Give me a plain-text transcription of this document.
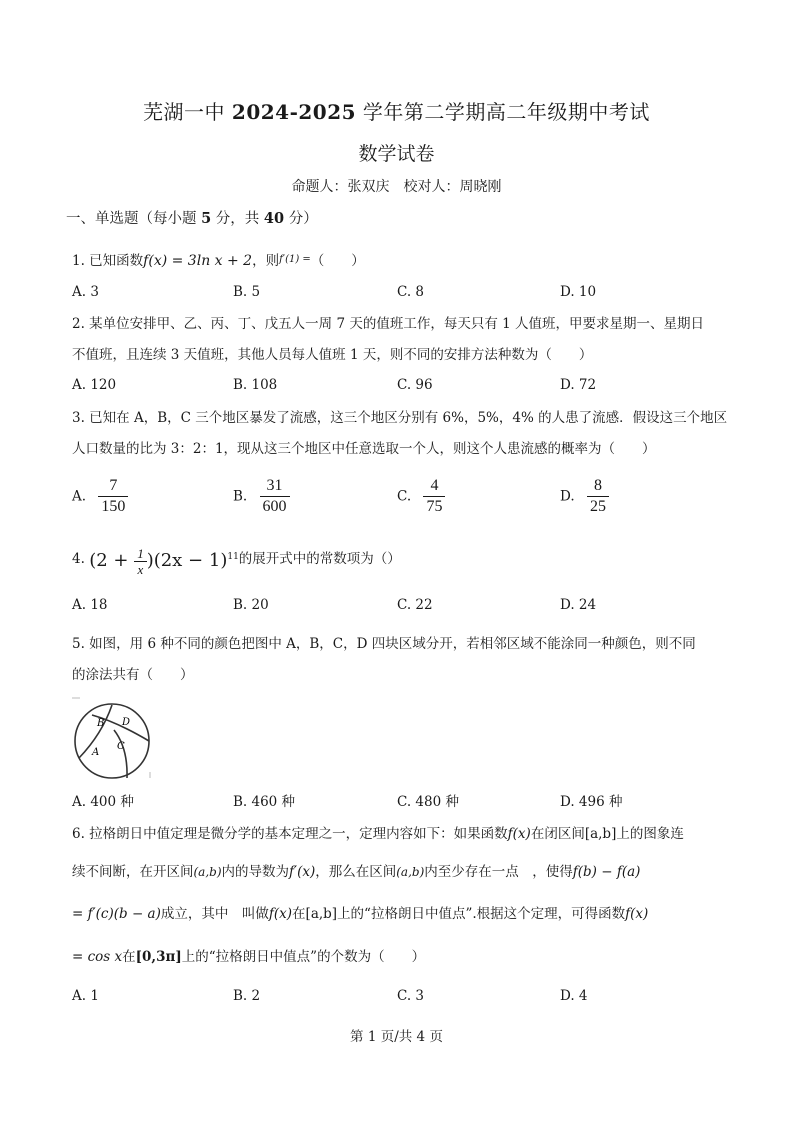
芜湖一中 2024-2025 学年第二学期高二年级期中考试
数学试卷
命题人：张双庆　校对人：周晓刚
一、单选题（每小题 5 分，共 40 分）
1. 已知函数f(x) = 3ln x + 2，则$^{f'(1) =}$（　　）
A. 3	B. 5	C. 8	D. 10
2. 某单位安排甲、乙、丙、丁、戊五人一周 7 天的值班工作，每天只有 1 人值班，甲要求星期一、星期日
不值班，且连续 3 天值班，其他人员每人值班 1 天，则不同的安排方法种数为（　　）
A. 120	B. 108	C. 96	D. 72
3. 已知在 A，B，C 三个地区暴发了流感，这三个地区分别有 6%，5%，4% 的人患了流感．假设这三个地区
人口数量的比为 3：2：1，现从这三个地区中任意选取一个人，则这个人患流感的概率为（　　）
A. $\frac{7}{150}$	B. $\frac{31}{600}$	C. $\frac{4}{75}$	D. $\frac{8}{25}$
4. $(2 + \frac{1}{x} )(2x - 1)^{11}$的展开式中的常数项为（）
A. 18	B. 20	C. 22	D. 24
5. 如图，用 6 种不同的颜色把图中 A，B，C，D 四块区域分开，若相邻区域不能涂同一种颜色，则不同
的涂法共有（　　）
B D
A
C
A. 400 种	B. 460 种	C. 480 种	D. 496 种
6. 拉格朗日中值定理是微分学的基本定理之一，定理内容如下：如果函数f(x)在闭区间[a,b]上的图象连
续不间断，在开区间(a,b)内的导数为f′(x)，那么在区间(a,b)内至少存在一点　，使得f(b) − f(a)
= f′(c)(b − a)成立，其中　叫做f(x)在[a,b]上的“拉格朗日中值点”.根据这个定理，可得函数f(x)
= cos x在[0,3π]上的“拉格朗日中值点”的个数为（　　）
A. 1	B. 2	C. 3	D. 4
第 1 页/共 4 页
